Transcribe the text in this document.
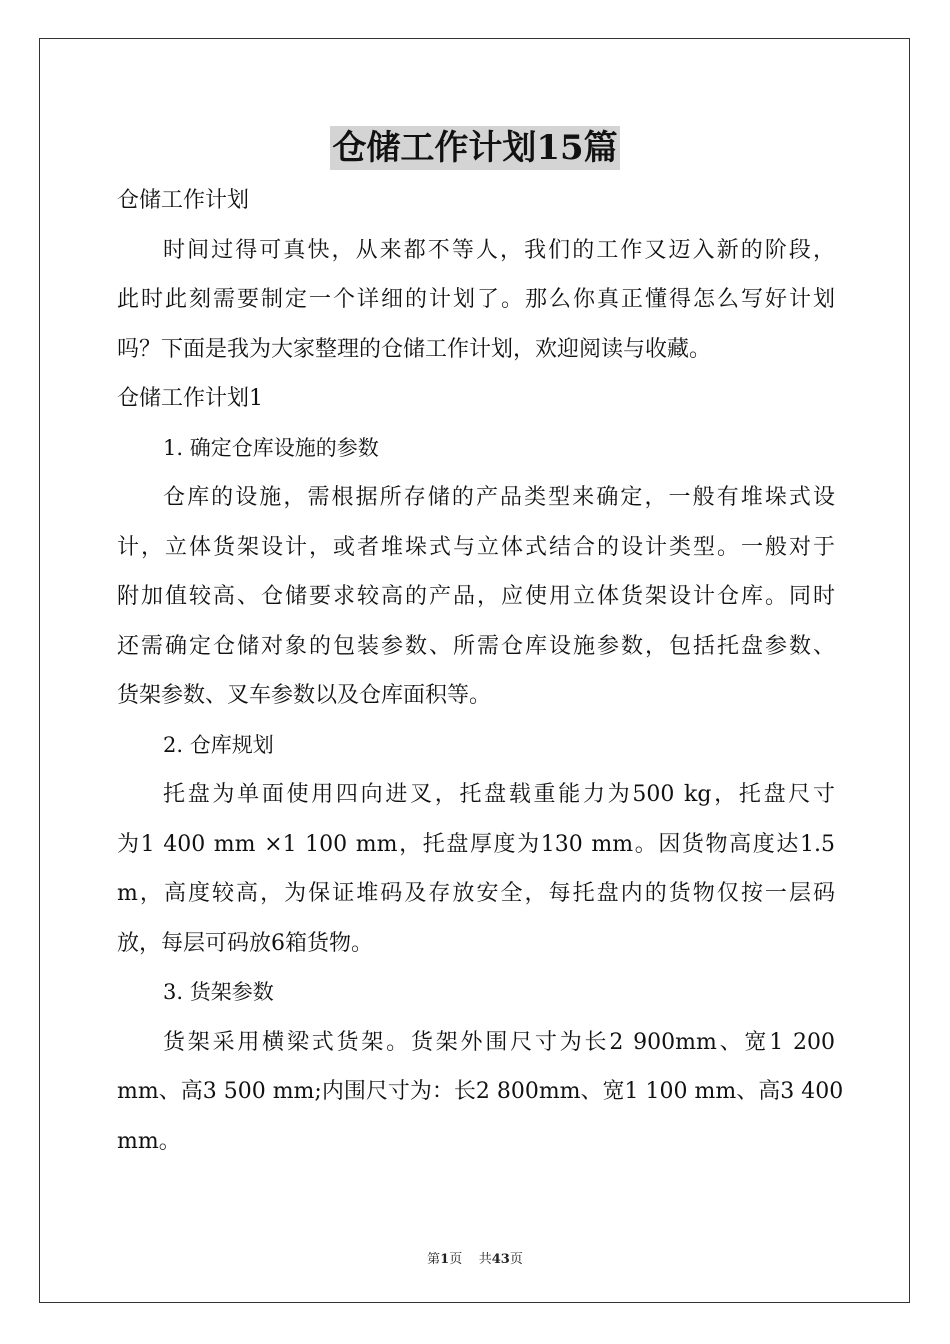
仓储工作计划15篇

仓储工作计划

时间过得可真快，从来都不等人，我们的工作又迈入新的阶段，

此时此刻需要制定一个详细的计划了。那么你真正懂得怎么写好计划

吗？下面是我为大家整理的仓储工作计划，欢迎阅读与收藏。

仓储工作计划1

1. 确定仓库设施的参数

仓库的设施，需根据所存储的产品类型来确定，一般有堆垛式设

计，立体货架设计，或者堆垛式与立体式结合的设计类型。一般对于

附加值较高、仓储要求较高的产品，应使用立体货架设计仓库。同时

还需确定仓储对象的包装参数、所需仓库设施参数，包括托盘参数、

货架参数、叉车参数以及仓库面积等。

2. 仓库规划

托盘为单面使用四向进叉，托盘载重能力为500 kg，托盘尺寸

为1 400 mm ×1 100 mm，托盘厚度为130 mm。因货物高度达1.5

m，高度较高，为保证堆码及存放安全，每托盘内的货物仅按一层码

放，每层可码放6箱货物。

3. 货架参数

货架采用横梁式货架。货架外围尺寸为长2 900mm、宽1 200

mm、高3 500 mm;内围尺寸为：长2 800mm、宽1 100 mm、高3 400

mm。

第1页 共43页
